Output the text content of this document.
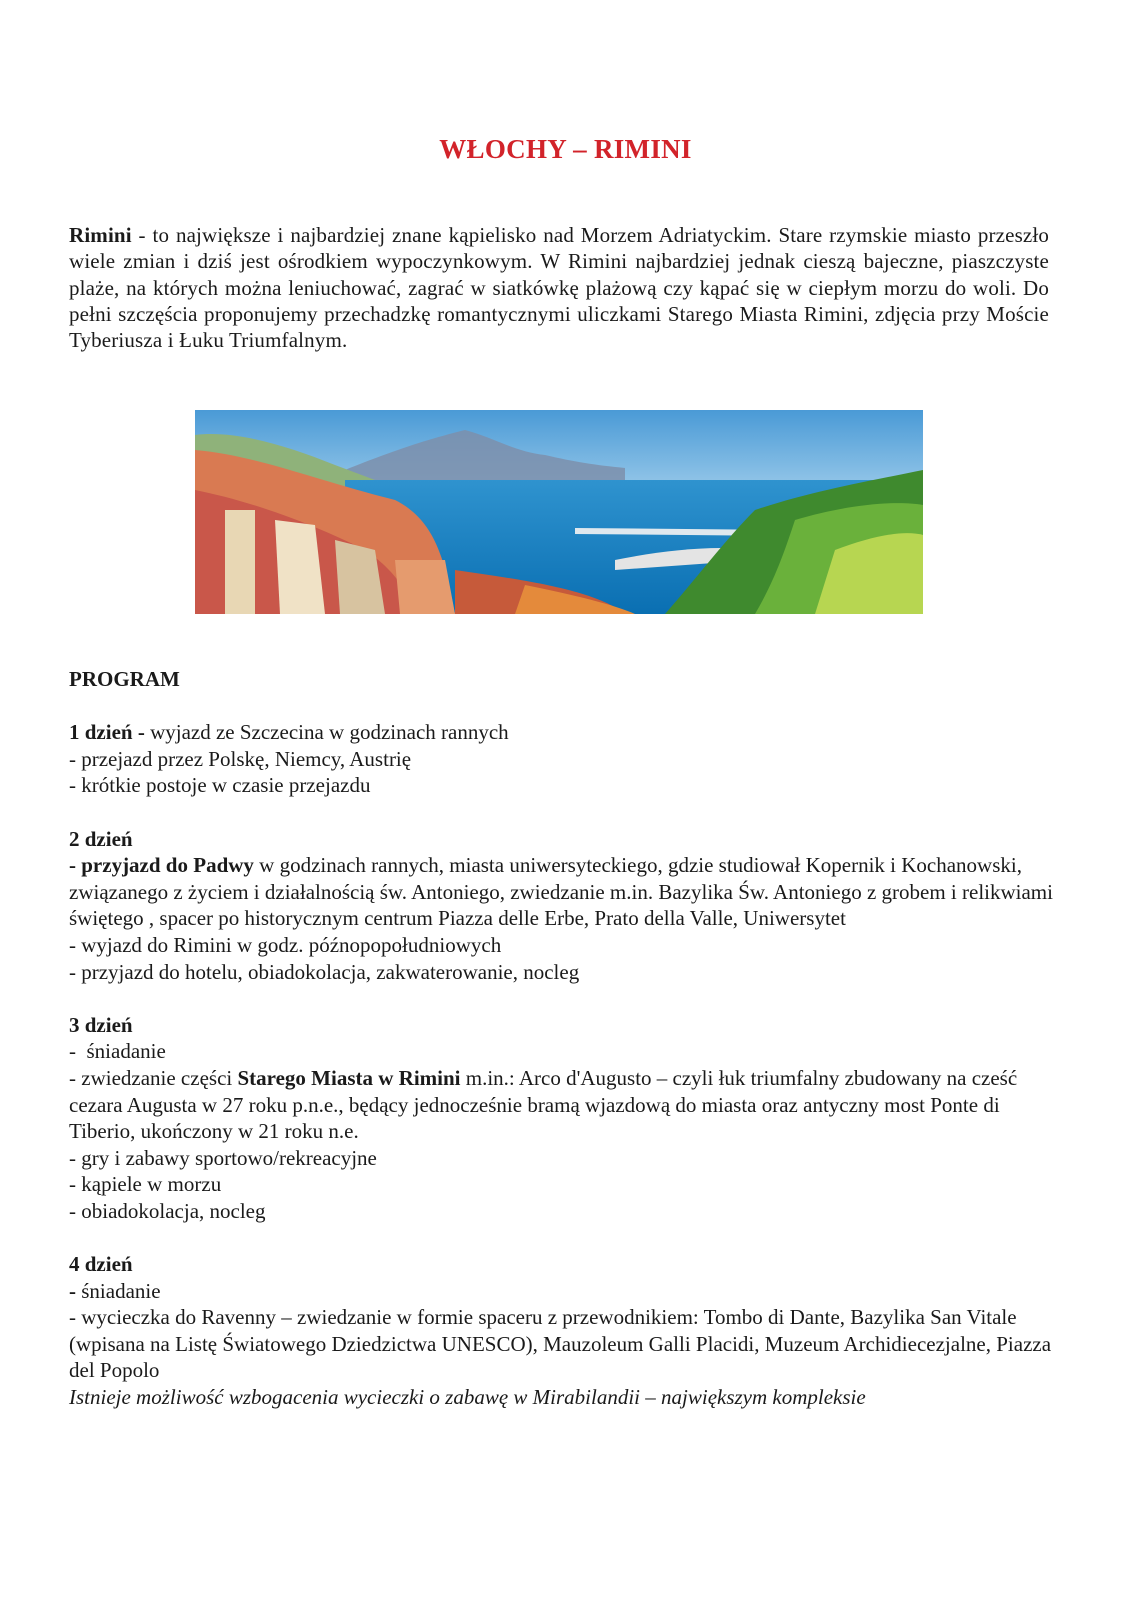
WŁOCHY – RIMINI

Rimini - to największe i najbardziej znane kąpielisko nad Morzem Adriatyckim. Stare rzymskie miasto przeszło wiele zmian i dziś jest ośrodkiem wypoczynkowym. W Rimini najbardziej jednak cieszą bajeczne, piaszczyste plaże, na których można leniuchować, zagrać w siatkówkę plażową czy kąpać się w ciepłym morzu do woli. Do pełni szczęścia proponujemy przechadzkę romantycznymi uliczkami Starego Miasta Rimini, zdjęcia przy Moście Tyberiusza i Łuku Triumfalnym.

PROGRAM

1 dzień - wyjazd ze Szczecina w godzinach rannych

- przejazd przez Polskę, Niemcy, Austrię

- krótkie postoje w czasie przejazdu

2 dzień

- przyjazd do Padwy w godzinach rannych, miasta uniwersyteckiego, gdzie studiował Kopernik i Kochanowski, związanego z życiem i działalnością św. Antoniego, zwiedzanie m.in. Bazylika Św. Antoniego z grobem i relikwiami świętego , spacer po historycznym centrum Piazza delle Erbe, Prato della Valle, Uniwersytet

- wyjazd do Rimini w godz. późnopopołudniowych

- przyjazd do hotelu, obiadokolacja, zakwaterowanie, nocleg

3 dzień

-  śniadanie

- zwiedzanie części Starego Miasta w Rimini m.in.: Arco d'Augusto – czyli łuk triumfalny zbudowany na cześć cezara Augusta w 27 roku p.n.e., będący jednocześnie bramą wjazdową do miasta oraz antyczny most Ponte di Tiberio, ukończony w 21 roku n.e.

- gry i zabawy sportowo/rekreacyjne

- kąpiele w morzu

- obiadokolacja, nocleg

4 dzień

- śniadanie

- wycieczka do Ravenny – zwiedzanie w formie spaceru z przewodnikiem: Tombo di Dante, Bazylika San Vitale (wpisana na Listę Światowego Dziedzictwa UNESCO), Mauzoleum Galli Placidi, Muzeum Archidiecezjalne, Piazza del Popolo

Istnieje możliwość wzbogacenia wycieczki o zabawę w Mirabilandii – największym kompleksie
